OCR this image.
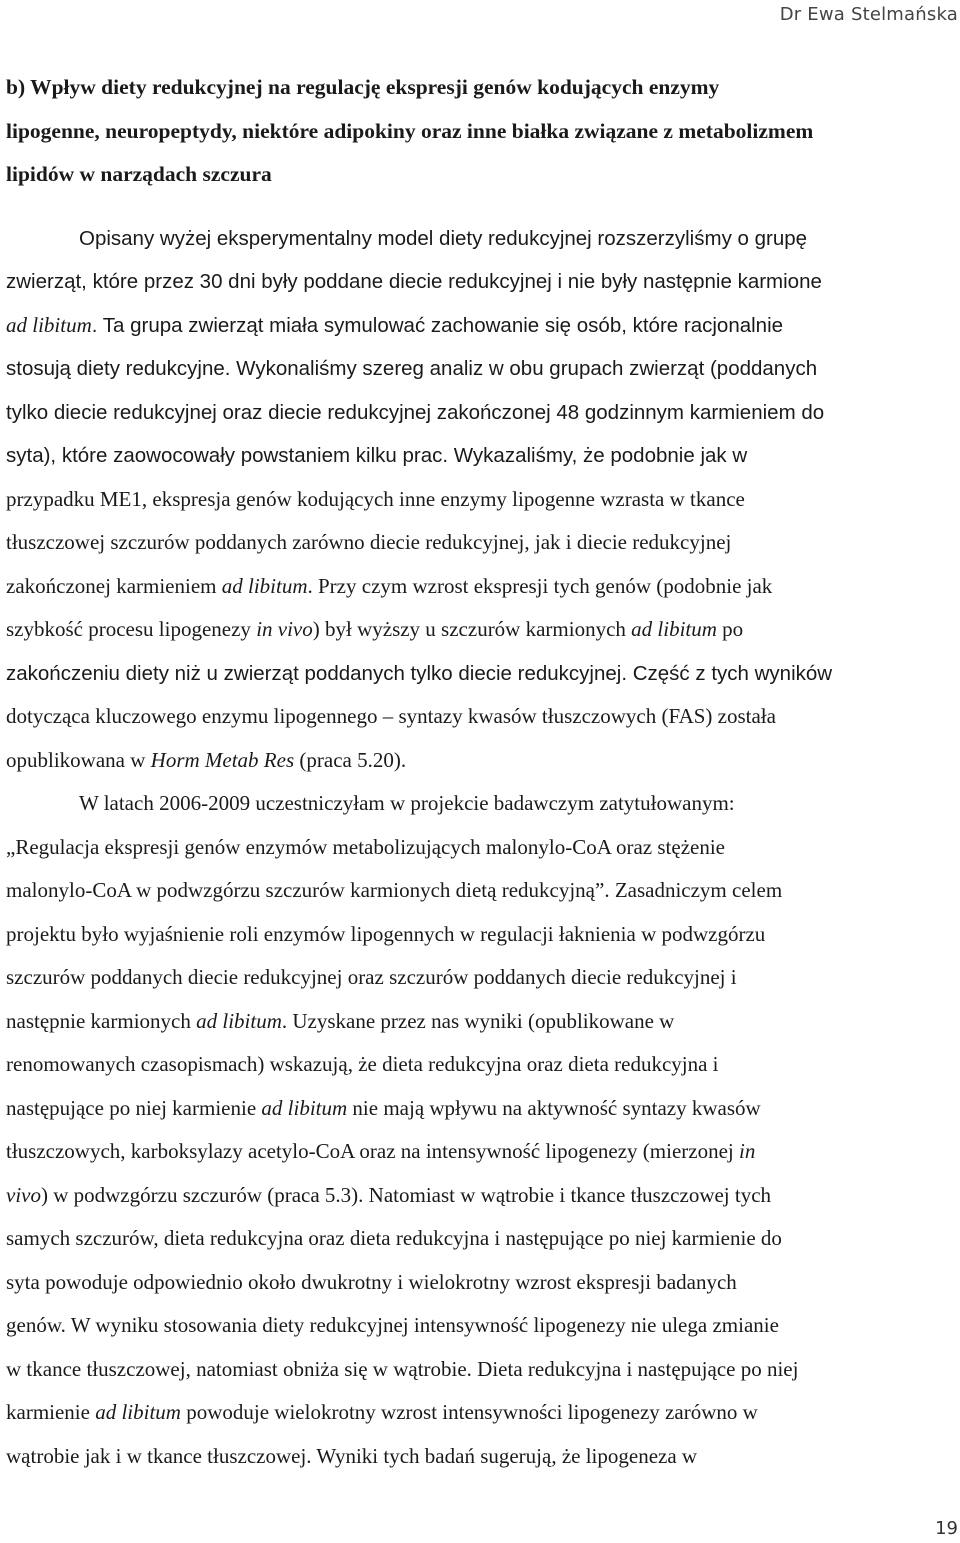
Dr Ewa Stelmańska
b) Wpływ diety redukcyjnej na regulację ekspresji genów kodujących enzymy
lipogenne, neuropeptydy, niektóre adipokiny oraz inne białka związane z metabolizmem
lipidów w narządach szczura

Opisany wyżej eksperymentalny model diety redukcyjnej rozszerzyliśmy o grupę
zwierząt, które przez 30 dni były poddane diecie redukcyjnej i nie były następnie karmione
ad libitum. Ta grupa zwierząt miała symulować zachowanie się osób, które racjonalnie
stosują diety redukcyjne. Wykonaliśmy szereg analiz w obu grupach zwierząt (poddanych
tylko diecie redukcyjnej oraz diecie redukcyjnej zakończonej 48 godzinnym karmieniem do
syta), które zaowocowały powstaniem kilku prac. Wykazaliśmy, że podobnie jak w
przypadku ME1, ekspresja genów kodujących inne enzymy lipogenne wzrasta w tkance
tłuszczowej szczurów poddanych zarówno diecie redukcyjnej, jak i diecie redukcyjnej
zakończonej karmieniem ad libitum. Przy czym wzrost ekspresji tych genów (podobnie jak
szybkość procesu lipogenezy in vivo) był wyższy u szczurów karmionych ad libitum po
zakończeniu diety niż u zwierząt poddanych tylko diecie redukcyjnej. Część z tych wyników
dotycząca kluczowego enzymu lipogennego – syntazy kwasów tłuszczowych (FAS) została
opublikowana w Horm Metab Res (praca 5.20).

W latach 2006-2009 uczestniczyłam w projekcie badawczym zatytułowanym:
„Regulacja ekspresji genów enzymów metabolizujących malonylo-CoA oraz stężenie
malonylo-CoA w podwzgórzu szczurów karmionych dietą redukcyjną”. Zasadniczym celem
projektu było wyjaśnienie roli enzymów lipogennych w regulacji łaknienia w podwzgórzu
szczurów poddanych diecie redukcyjnej oraz szczurów poddanych diecie redukcyjnej i
następnie karmionych ad libitum. Uzyskane przez nas wyniki (opublikowane w
renomowanych czasopismach) wskazują, że dieta redukcyjna oraz dieta redukcyjna i
następujące po niej karmienie ad libitum nie mają wpływu na aktywność syntazy kwasów
tłuszczowych, karboksylazy acetylo-CoA oraz na intensywność lipogenezy (mierzonej in
vivo) w podwzgórzu szczurów (praca 5.3). Natomiast w wątrobie i tkance tłuszczowej tych
samych szczurów, dieta redukcyjna oraz dieta redukcyjna i następujące po niej karmienie do
syta powoduje odpowiednio około dwukrotny i wielokrotny wzrost ekspresji badanych
genów. W wyniku stosowania diety redukcyjnej intensywność lipogenezy nie ulega zmianie
w tkance tłuszczowej, natomiast obniża się w wątrobie. Dieta redukcyjna i następujące po niej
karmienie ad libitum powoduje wielokrotny wzrost intensywności lipogenezy zarówno w
wątrobie jak i w tkance tłuszczowej. Wyniki tych badań sugerują, że lipogeneza w

19
